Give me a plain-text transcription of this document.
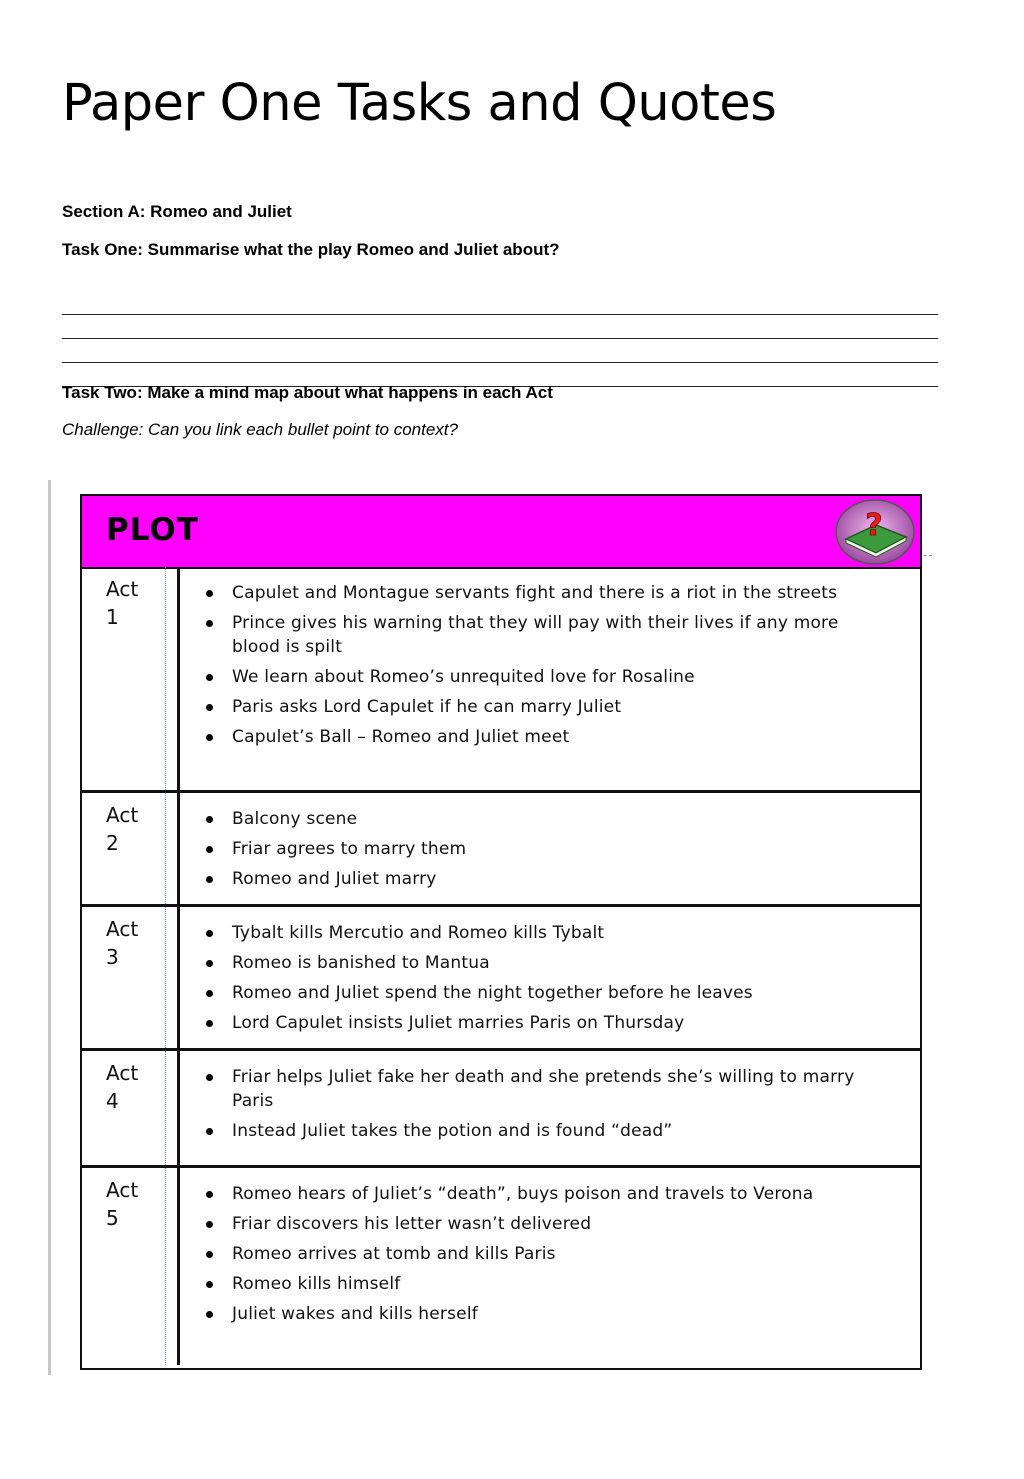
Paper One Tasks and Quotes
Section A: Romeo and Juliet
Task One: Summarise what the play Romeo and Juliet about?
Task Two: Make a mind map about what happens in each Act
Challenge: Can you link each bullet point to context?
PLOT	?
Act
1
Capulet and Montague servants fight and there is a riot in the streets
Prince gives his warning that they will pay with their lives if any more blood is spilt
We learn about Romeo’s unrequited love for Rosaline
Paris asks Lord Capulet if he can marry Juliet
Capulet’s Ball – Romeo and Juliet meet
Act
2
Balcony scene
Friar agrees to marry them
Romeo and Juliet marry
Act
3
Tybalt kills Mercutio and Romeo kills Tybalt
Romeo is banished to Mantua
Romeo and Juliet spend the night together before he leaves
Lord Capulet insists Juliet marries Paris on Thursday
Act
4
Friar helps Juliet fake her death and she pretends she’s willing to marry Paris
Instead Juliet takes the potion and is found “dead”
Act
5
Romeo hears of Juliet’s “death”, buys poison and travels to Verona
Friar discovers his letter wasn’t delivered
Romeo arrives at tomb and kills Paris
Romeo kills himself
Juliet wakes and kills herself
